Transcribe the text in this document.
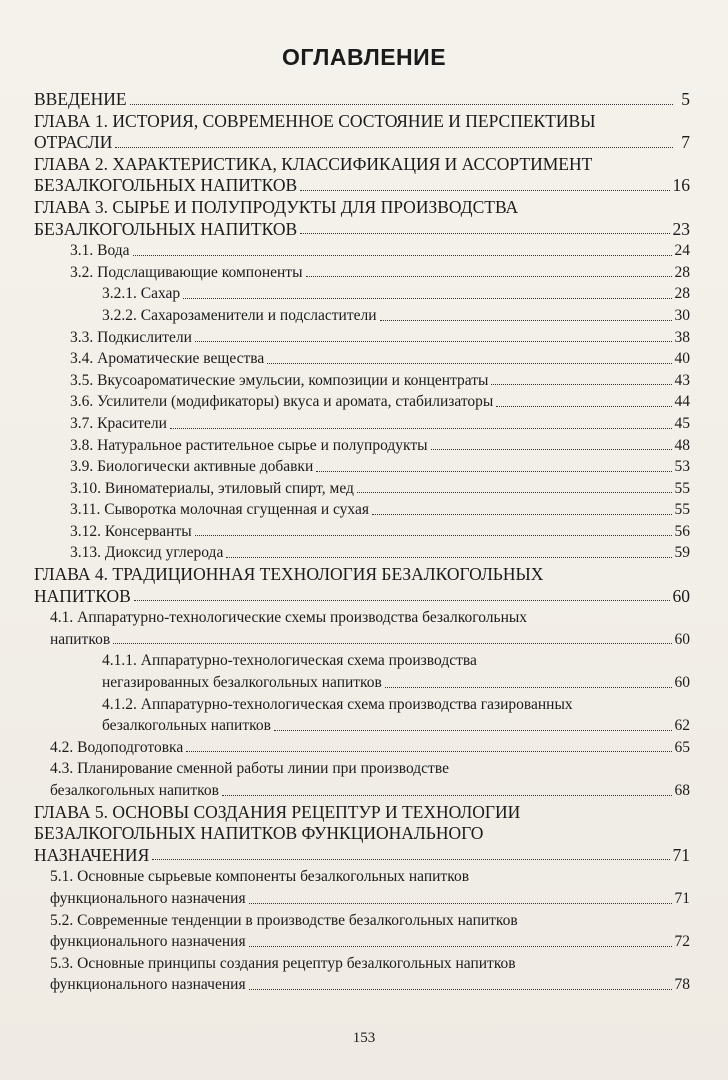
ОГЛАВЛЕНИЕ
ВВЕДЕНИЕ	5
ГЛАВА 1. ИСТОРИЯ, СОВРЕМЕННОЕ СОСТОЯНИЕ И ПЕРСПЕКТИВЫ
ОТРАСЛИ	7
ГЛАВА 2. ХАРАКТЕРИСТИКА, КЛАССИФИКАЦИЯ И АССОРТИМЕНТ
БЕЗАЛКОГОЛЬНЫХ НАПИТКОВ	16
ГЛАВА 3. СЫРЬЕ И ПОЛУПРОДУКТЫ ДЛЯ ПРОИЗВОДСТВА
БЕЗАЛКОГОЛЬНЫХ НАПИТКОВ	23
3.1. Вода	24
3.2. Подслащивающие компоненты	28
3.2.1. Сахар	28
3.2.2. Сахарозаменители и подсластители	30
3.3. Подкислители	38
3.4. Ароматические вещества	40
3.5. Вкусоароматические эмульсии, композиции и концентраты	43
3.6. Усилители (модификаторы) вкуса и аромата, стабилизаторы	44
3.7. Красители	45
3.8. Натуральное растительное сырье и полупродукты	48
3.9. Биологически активные добавки	53
3.10. Виноматериалы, этиловый спирт, мед	55
3.11. Сыворотка молочная сгущенная и сухая	55
3.12. Консерванты	56
3.13. Диоксид углерода	59
ГЛАВА 4. ТРАДИЦИОННАЯ ТЕХНОЛОГИЯ БЕЗАЛКОГОЛЬНЫХ
НАПИТКОВ	60
4.1. Аппаратурно-технологические схемы производства безалкогольных
напитков	60
4.1.1. Аппаратурно-технологическая схема производства
негазированных безалкогольных напитков	60
4.1.2. Аппаратурно-технологическая схема производства газированных
безалкогольных напитков	62
4.2. Водоподготовка	65
4.3. Планирование сменной работы линии при производстве
безалкогольных напитков	68
ГЛАВА 5. ОСНОВЫ СОЗДАНИЯ РЕЦЕПТУР И ТЕХНОЛОГИИ
БЕЗАЛКОГОЛЬНЫХ НАПИТКОВ ФУНКЦИОНАЛЬНОГО
НАЗНАЧЕНИЯ	71
5.1. Основные сырьевые компоненты безалкогольных напитков
функционального назначения	71
5.2. Современные тенденции в производстве безалкогольных напитков
функционального назначения	72
5.3. Основные принципы создания рецептур безалкогольных напитков
функционального назначения	78
153
